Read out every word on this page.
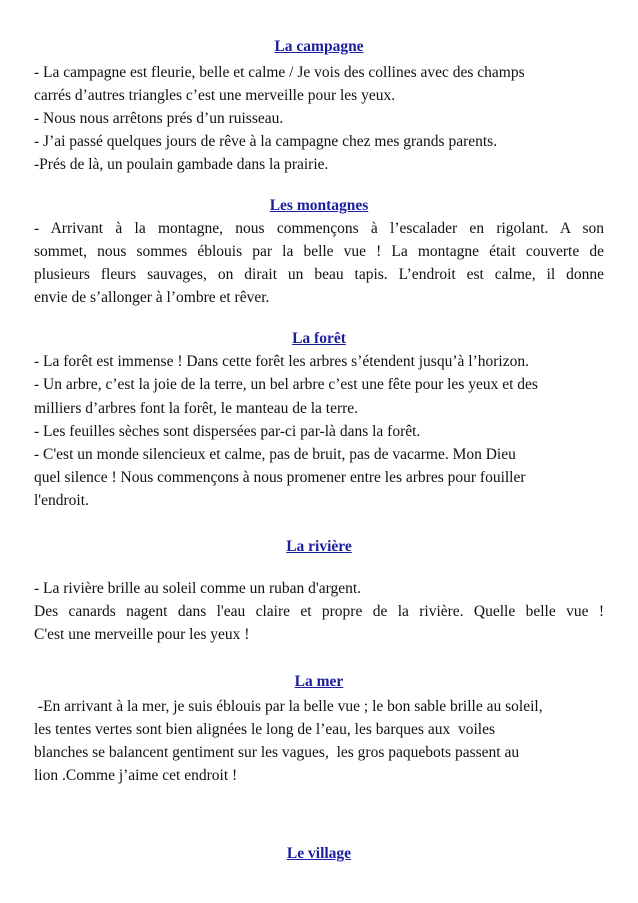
La campagne
- La campagne est fleurie, belle et calme / Je vois des collines avec des champs
carrés d’autres triangles c’est une merveille pour les yeux.
- Nous nous arrêtons prés d’un ruisseau.
- J’ai passé quelques jours de rêve à la campagne chez mes grands parents.
-Prés de là, un poulain gambade dans la prairie.
Les montagnes
- Arrivant à la montagne, nous commençons à l’escalader en rigolant. A son
sommet, nous sommes éblouis par la belle vue ! La montagne était couverte de
plusieurs fleurs sauvages, on dirait un beau tapis. L’endroit est calme, il donne
envie de s’allonger à l’ombre et rêver.
La forêt
- La forêt est immense ! Dans cette forêt les arbres s’étendent jusqu’à l’horizon.
- Un arbre, c’est la joie de la terre, un bel arbre c’est une fête pour les yeux et des
milliers d’arbres font la forêt, le manteau de la terre.
- Les feuilles sèches sont dispersées par-ci par-là dans la forêt.
- C'est un monde silencieux et calme, pas de bruit, pas de vacarme. Mon Dieu
quel silence ! Nous commençons à nous promener entre les arbres pour fouiller
l'endroit.
La rivière
- La rivière brille au soleil comme un ruban d'argent.
Des canards nagent dans l'eau claire et propre de la rivière. Quelle belle vue !
C'est une merveille pour les yeux !
La mer
-En arrivant à la mer, je suis éblouis par la belle vue ; le bon sable brille au soleil,
les tentes vertes sont bien alignées le long de l’eau, les barques aux  voiles
blanches se balancent gentiment sur les vagues,  les gros paquebots passent au
lion .Comme j’aime cet endroit !
Le village
